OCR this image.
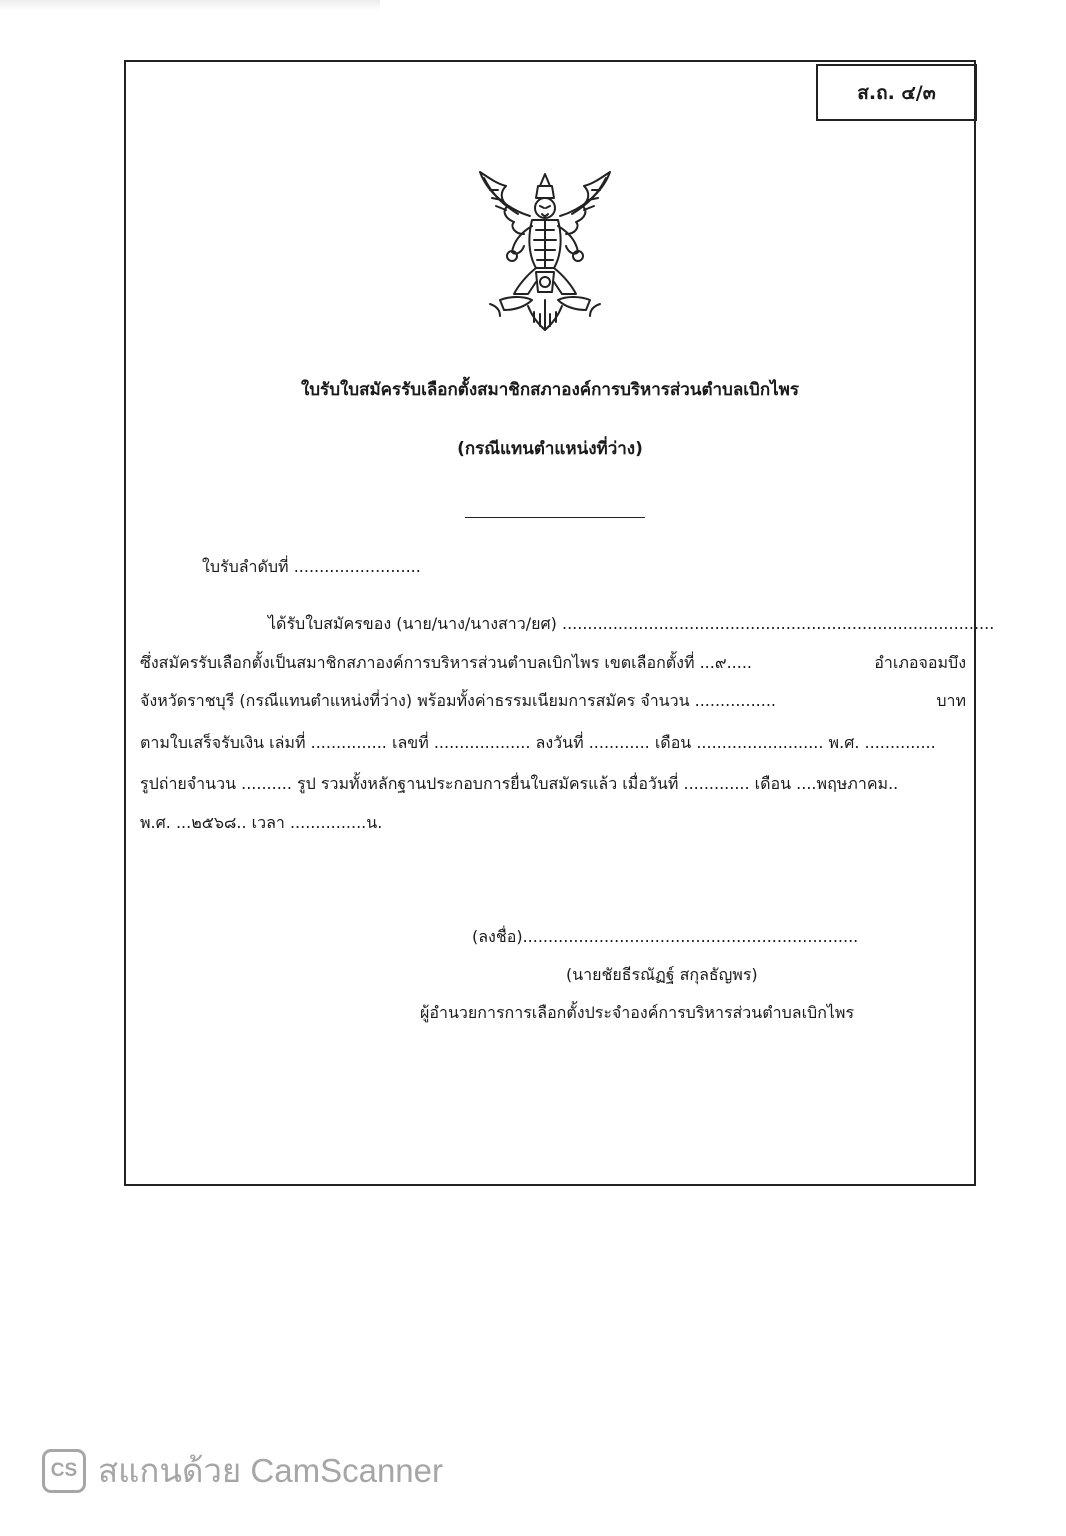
ส.ถ. ๔/๓
ใบรับใบสมัครรับเลือกตั้งสมาชิกสภาองค์การบริหารส่วนตำบลเบิกไพร
(กรณีแทนตำแหน่งที่ว่าง)
ใบรับลำดับที่ .........................
ได้รับใบสมัครของ (นาย/นาง/นางสาว/ยศ) .....................................................................................
ซึ่งสมัครรับเลือกตั้งเป็นสมาชิกสภาองค์การบริหารส่วนตำบลเบิกไพร เขตเลือกตั้งที่ ...๙.....	อำเภอจอมบึง
จังหวัดราชบุรี (กรณีแทนตำแหน่งที่ว่าง) พร้อมทั้งค่าธรรมเนียมการสมัคร จำนวน ................	บาท
ตามใบเสร็จรับเงิน เล่มที่ ............... เลขที่ ................... ลงวันที่ ............ เดือน ......................... พ.ศ. ..............
รูปถ่ายจำนวน .......... รูป รวมทั้งหลักฐานประกอบการยื่นใบสมัครแล้ว เมื่อวันที่ ............. เดือน ....พฤษภาคม..
พ.ศ. ...๒๕๖๘.. เวลา ...............น.
(ลงชื่อ)..................................................................
(นายชัยธีรณัฏฐ์ สกุลธัญพร)
ผู้อำนวยการการเลือกตั้งประจำองค์การบริหารส่วนตำบลเบิกไพร
CS สแกนด้วย CamScanner
